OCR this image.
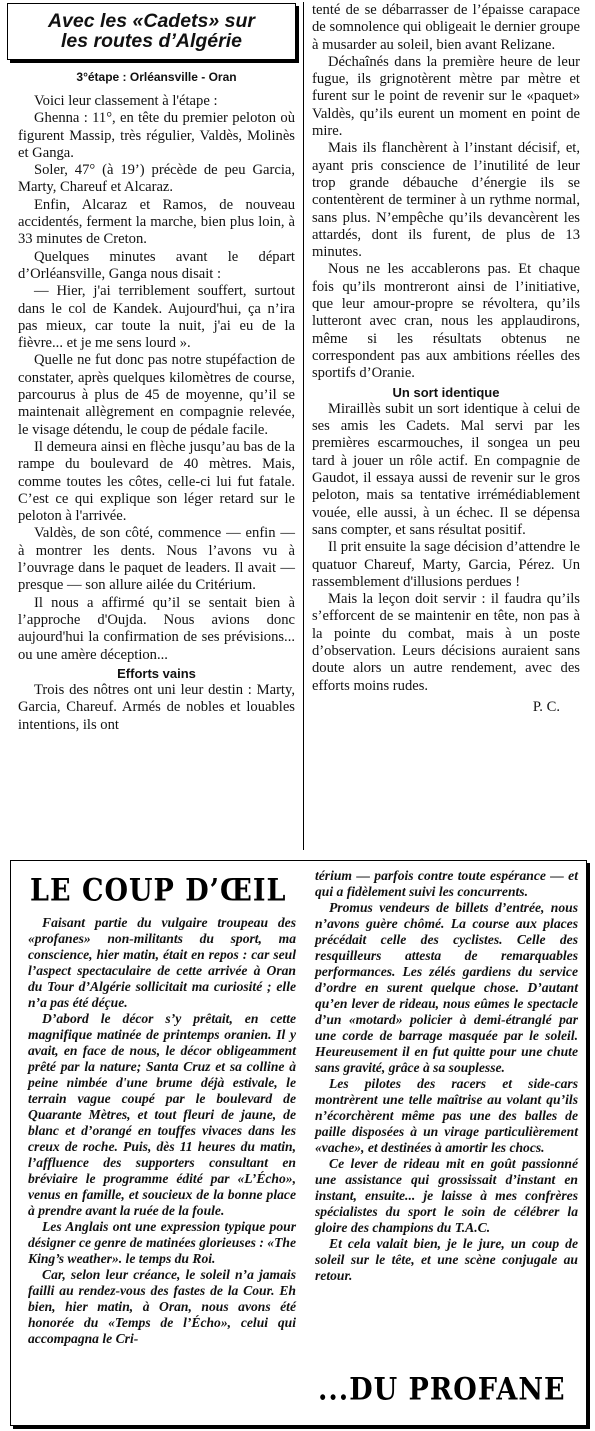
Avec les «Cadets» sur
les routes d’Algérie
3°étape : Orléansville - Oran

Voici leur classement à l'étape :

Ghenna : 11°, en tête du premier peloton où figurent Massip, très régulier, Valdès, Molinès et Ganga.

Soler, 47° (à 19’) précède de peu Garcia, Marty, Chareuf et Alcaraz.

Enfin, Alcaraz et Ramos, de nouveau accidentés, ferment la marche, bien plus loin, à 33 minutes de Creton.

Quelques minutes avant le départ d’Orléansville, Ganga nous disait :

— Hier, j'ai terriblement souffert, surtout dans le col de Kandek. Aujourd'hui, ça n’ira pas mieux, car toute la nuit, j'ai eu de la fièvre... et je me sens lourd ».

Quelle ne fut donc pas notre stupéfaction de constater, après quelques kilomètres de course, parcourus à plus de 45 de moyenne, qu’il se maintenait allègrement en compagnie relevée, le visage détendu, le coup de pédale facile.

Il demeura ainsi en flèche jusqu’au bas de la rampe du boulevard de 40 mètres. Mais, comme toutes les côtes, celle-ci lui fut fatale. C’est ce qui explique son léger retard sur le peloton à l'arrivée.

Valdès, de son côté, commence — enfin — à montrer les dents. Nous l’avons vu à l’ouvrage dans le paquet de leaders. Il avait — presque — son allure ailée du Critérium.

Il nous a affirmé qu’il se sentait bien à l’approche d'Oujda. Nous avions donc aujourd'hui la confirmation de ses prévisions... ou une amère déception...

Efforts vains

Trois des nôtres ont uni leur destin : Marty, Garcia, Chareuf. Armés de nobles et louables intentions, ils ont

tenté de se débarrasser de l’épaisse carapace de somnolence qui obligeait le dernier groupe à musarder au soleil, bien avant Relizane.

Déchaînés dans la première heure de leur fugue, ils grignotèrent mètre par mètre et furent sur le point de revenir sur le «paquet» Valdès, qu’ils eurent un moment en point de mire.

Mais ils flanchèrent à l’instant décisif, et, ayant pris conscience de l’inutilité de leur trop grande débauche d’énergie ils se contentèrent de terminer à un rythme normal, sans plus. N’empêche qu’ils devancèrent les attardés, dont ils furent, de plus de 13 minutes.

Nous ne les accablerons pas. Et chaque fois qu’ils montreront ainsi de l’initiative, que leur amour-propre se révoltera, qu’ils lutteront avec cran, nous les applaudirons, même si les résultats obtenus ne correspondent pas aux ambitions réelles des sportifs d’Oranie.

Un sort identique

Miraillès subit un sort identique à celui de ses amis les Cadets. Mal servi par les premières escarmouches, il songea un peu tard à jouer un rôle actif. En compagnie de Gaudot, il essaya aussi de revenir sur le gros peloton, mais sa tentative irrémédiablement vouée, elle aussi, à un échec. Il se dépensa sans compter, et sans résultat positif.

Il prit ensuite la sage décision d’attendre le quatuor Chareuf, Marty, Garcia, Pérez. Un rassemblement d'illusions perdues !

Mais la leçon doit servir : il faudra qu’ils s’efforcent de se maintenir en tête, non pas à la pointe du combat, mais à un poste d’observation. Leurs décisions auraient sans doute alors un autre rendement, avec des efforts moins rudes.

P. C.

LE COUP D’ŒIL

Faisant partie du vulgaire troupeau des «profanes» non-militants du sport, ma conscience, hier matin, était en repos : car seul l’aspect spectaculaire de cette arrivée à Oran du Tour d’Algérie sollicitait ma curiosité ; elle n’a pas été déçue.

D’abord le décor s’y prêtait, en cette magnifique matinée de printemps oranien. Il y avait, en face de nous, le décor obligeamment prêté par la nature; Santa Cruz et sa colline à peine nimbée d'une brume déjà estivale, le terrain vague coupé par le boulevard de Quarante Mètres, et tout fleuri de jaune, de blanc et d’orangé en touffes vivaces dans les creux de roche. Puis, dès 11 heures du matin, l’affluence des supporters consultant en bréviaire le programme édité par «L’Écho», venus en famille, et soucieux de la bonne place à prendre avant la ruée de la foule.

Les Anglais ont une expression typique pour désigner ce genre de matinées glorieuses : «The King’s weather». le temps du Roi.

Car, selon leur créance, le soleil n’a jamais failli au rendez-vous des fastes de la Cour. Eh bien, hier matin, à Oran, nous avons été honorée du «Temps de l’Écho», celui qui accompagna le Cri-

térium — parfois contre toute espérance — et qui a fidèlement suivi les concurrents.

Promus vendeurs de billets d’entrée, nous n’avons guère chômé. La course aux places précédait celle des cyclistes. Celle des resquilleurs attesta de remarquables performances. Les zélés gardiens du service d’ordre en surent quelque chose. D’autant qu’en lever de rideau, nous eûmes le spectacle d’un «motard» policier à demi-étranglé par une corde de barrage masquée par le soleil. Heureusement il en fut quitte pour une chute sans gravité, grâce à sa souplesse.

Les pilotes des racers et side-cars montrèrent une telle maîtrise au volant qu’ils n’écorchèrent même pas une des balles de paille disposées à un virage particulièrement «vache», et destinées à amortir les chocs.

Ce lever de rideau mit en goût passionné une assistance qui grossissait d’instant en instant, ensuite... je laisse à mes confrères spécialistes du sport le soin de célébrer la gloire des champions du T.A.C.

Et cela valait bien, je le jure, un coup de soleil sur le tête, et une scène conjugale au retour.

...DU PROFANE
